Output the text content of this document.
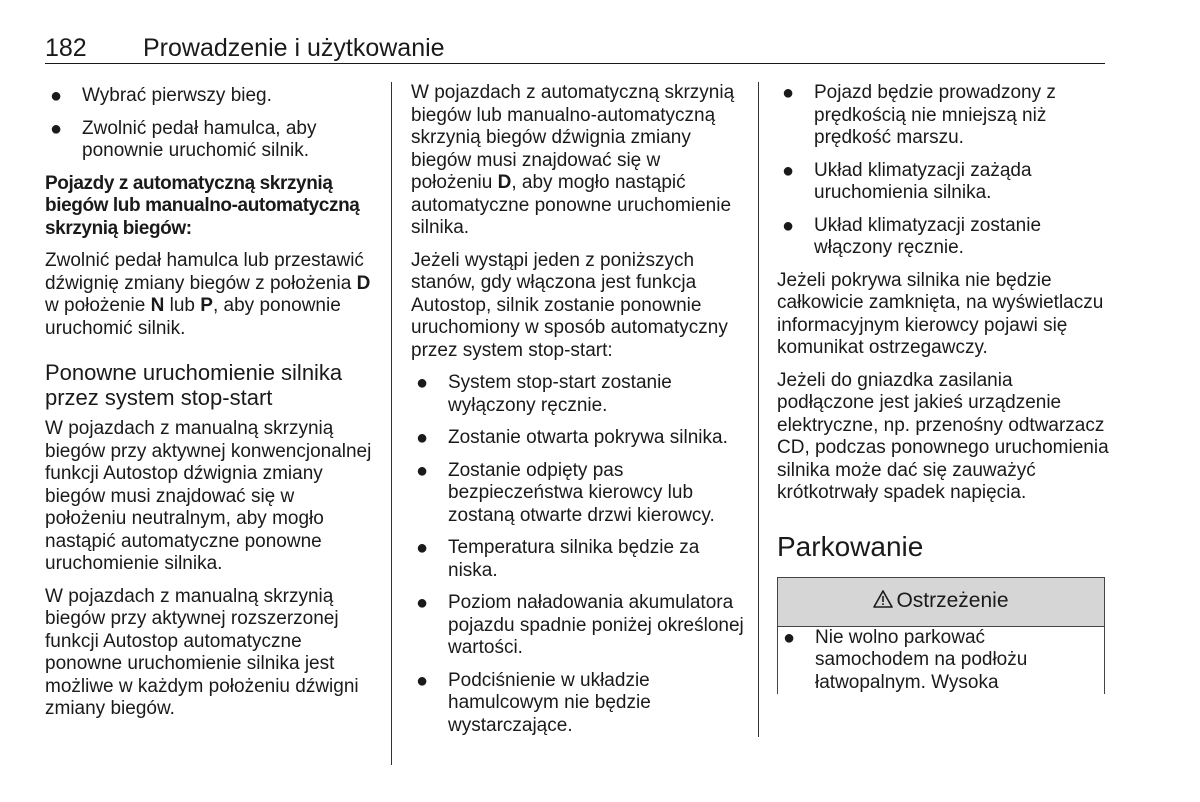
182 Prowadzenie i użytkowanie
● Wybrać pierwszy bieg.
● Zwolnić pedał hamulca, aby ponownie uruchomić silnik.

Pojazdy z automatyczną skrzynią biegów lub manualno-automatyczną skrzynią biegów:

Zwolnić pedał hamulca lub przestawić dźwignię zmiany biegów z położenia D w położenie N lub P, aby ponownie uruchomić silnik.

Ponowne uruchomienie silnika przez system stop-start

W pojazdach z manualną skrzynią biegów przy aktywnej konwencjonalnej funkcji Autostop dźwignia zmiany biegów musi znajdować się w położeniu neutralnym, aby mogło nastąpić automatyczne ponowne uruchomienie silnika.

W pojazdach z manualną skrzynią biegów przy aktywnej rozszerzonej funkcji Autostop automatyczne ponowne uruchomienie silnika jest możliwe w każdym położeniu dźwigni zmiany biegów.

W pojazdach z automatyczną skrzynią biegów lub manualno-automatyczną skrzynią biegów dźwignia zmiany biegów musi znajdować się w położeniu D, aby mogło nastąpić automatyczne ponowne uruchomienie silnika.

Jeżeli wystąpi jeden z poniższych stanów, gdy włączona jest funkcja Autostop, silnik zostanie ponownie uruchomiony w sposób automatyczny przez system stop-start:

● System stop-start zostanie wyłączony ręcznie.
● Zostanie otwarta pokrywa silnika.
● Zostanie odpięty pas bezpieczeństwa kierowcy lub zostaną otwarte drzwi kierowcy.
● Temperatura silnika będzie za niska.
● Poziom naładowania akumulatora pojazdu spadnie poniżej określonej wartości.
● Podciśnienie w układzie hamulcowym nie będzie wystarczające.
● Pojazd będzie prowadzony z prędkością nie mniejszą niż prędkość marszu.
● Układ klimatyzacji zażąda uruchomienia silnika.
● Układ klimatyzacji zostanie włączony ręcznie.

Jeżeli pokrywa silnika nie będzie całkowicie zamknięta, na wyświetlaczu informacyjnym kierowcy pojawi się komunikat ostrzegawczy.

Jeżeli do gniazdka zasilania podłączone jest jakieś urządzenie elektryczne, np. przenośny odtwarzacz CD, podczas ponownego uruchomienia silnika może dać się zauważyć krótkotrwały spadek napięcia.

Parkowanie
Ostrzeżenie
● Nie wolno parkować samochodem na podłożu łatwopalnym. Wysoka
